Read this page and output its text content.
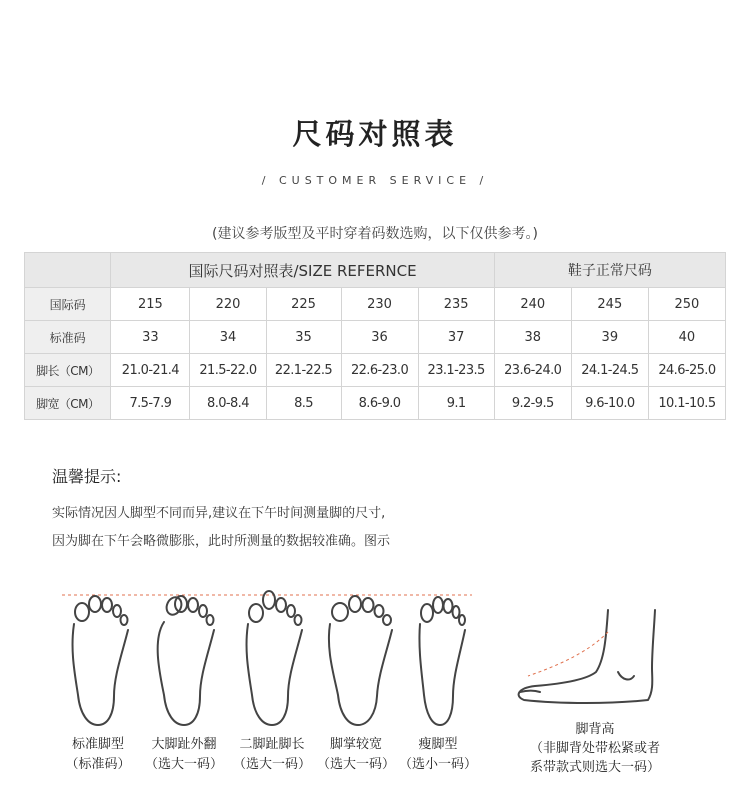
尺码对照表
/ CUSTOMER SERVICE /
(建议参考版型及平时穿着码数选购，以下仅供参考。)
	国际尺码对照表/SIZE REFERNCE					鞋子正常尺码		
国际码	215	220	225	230	235	240	245	250
标准码	33	34	35	36	37	38	39	40
脚长（CM）	21.0-21.4	21.5-22.0	22.1-22.5	22.6-23.0	23.1-23.5	23.6-24.0	24.1-24.5	24.6-25.0
脚宽（CM）	7.5-7.9	8.0-8.4	8.5	8.6-9.0	9.1	9.2-9.5	9.6-10.0	10.1-10.5
温馨提示:
实际情况因人脚型不同而异,建议在下午时间测量脚的尺寸,
因为脚在下午会略微膨胀，此时所测量的数据较准确。图示
标准脚型
（标准码）
大脚趾外翻
（选大一码）
二脚趾脚长
（选大一码）
脚掌较宽
（选大一码）
瘦脚型
（选小一码）
脚背高
（非脚背处带松紧或者
系带款式则选大一码）
